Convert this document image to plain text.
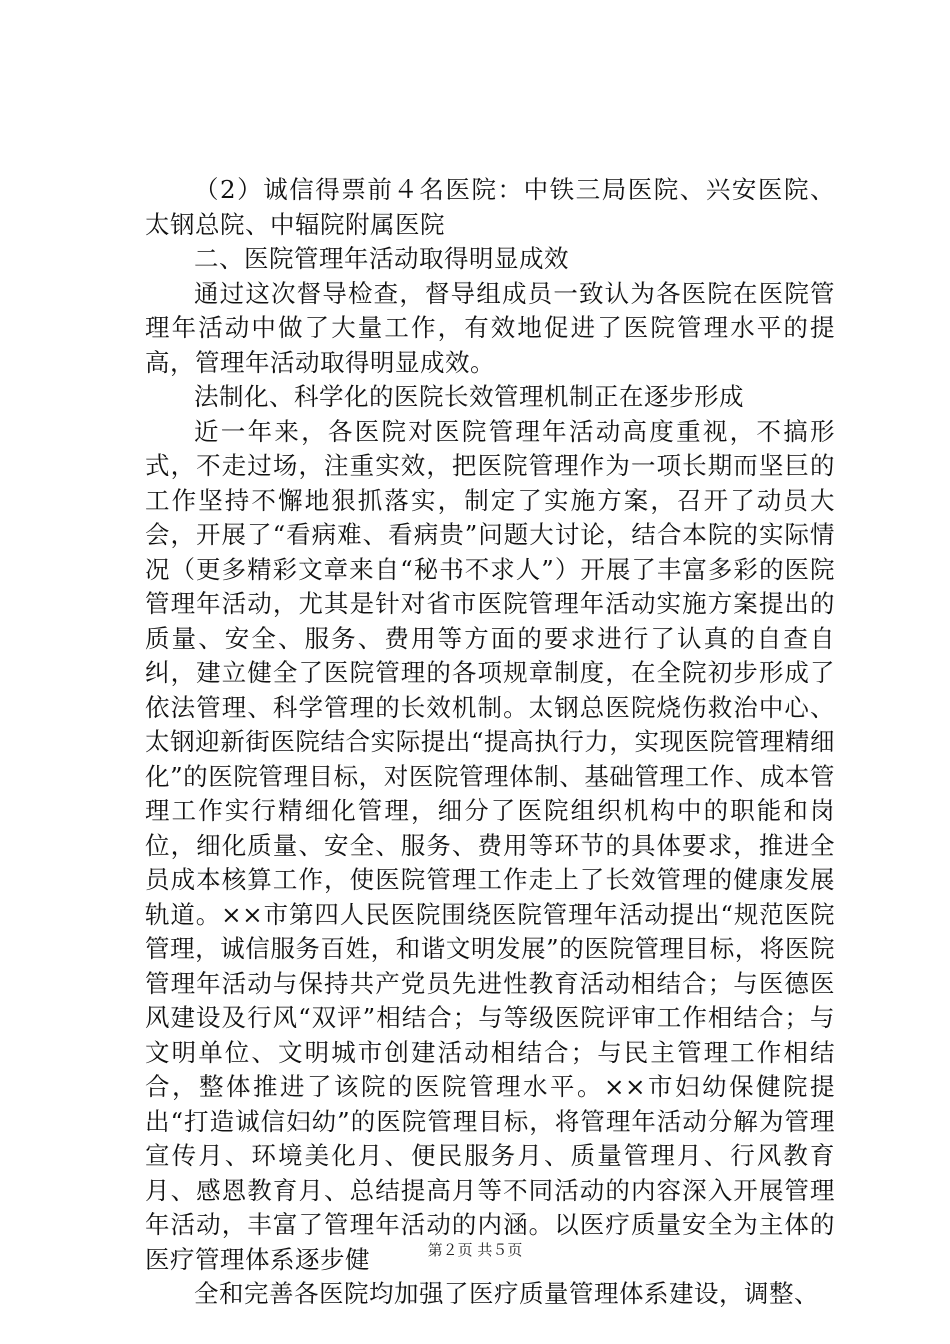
（2）诚信得票前４名医院：中铁三局医院、兴安医院、太钢总院、中辐院附属医院

二、医院管理年活动取得明显成效

通过这次督导检查，督导组成员一致认为各医院在医院管理年活动中做了大量工作，有效地促进了医院管理水平的提高，管理年活动取得明显成效。

法制化、科学化的医院长效管理机制正在逐步形成

近一年来，各医院对医院管理年活动高度重视，不搞形式，不走过场，注重实效，把医院管理作为一项长期而坚巨的工作坚持不懈地狠抓落实，制定了实施方案，召开了动员大会，开展了“看病难、看病贵”问题大讨论，结合本院的实际情况（更多精彩文章来自“秘书不求人”）开展了丰富多彩的医院管理年活动，尤其是针对省市医院管理年活动实施方案提出的质量、安全、服务、费用等方面的要求进行了认真的自查自纠，建立健全了医院管理的各项规章制度，在全院初步形成了依法管理、科学管理的长效机制。太钢总医院烧伤救治中心、太钢迎新街医院结合实际提出“提高执行力，实现医院管理精细化”的医院管理目标，对医院管理体制、基础管理工作、成本管理工作实行精细化管理，细分了医院组织机构中的职能和岗位，细化质量、安全、服务、费用等环节的具体要求，推进全员成本核算工作，使医院管理工作走上了长效管理的健康发展轨道。××市第四人民医院围绕医院管理年活动提出“规范医院管理，诚信服务百姓，和谐文明发展”的医院管理目标，将医院管理年活动与保持共产党员先进性教育活动相结合；与医德医风建设及行风“双评”相结合；与等级医院评审工作相结合；与文明单位、文明城市创建活动相结合；与民主管理工作相结合，整体推进了该院的医院管理水平。××市妇幼保健院提出“打造诚信妇幼”的医院管理目标，将管理年活动分解为管理宣传月、环境美化月、便民服务月、质量管理月、行风教育月、感恩教育月、总结提高月等不同活动的内容深入开展管理年活动，丰富了管理年活动的内涵。以医疗质量安全为主体的医疗管理体系逐步健

全和完善各医院均加强了医疗质量管理体系建设，调整、

第２页 共５页
